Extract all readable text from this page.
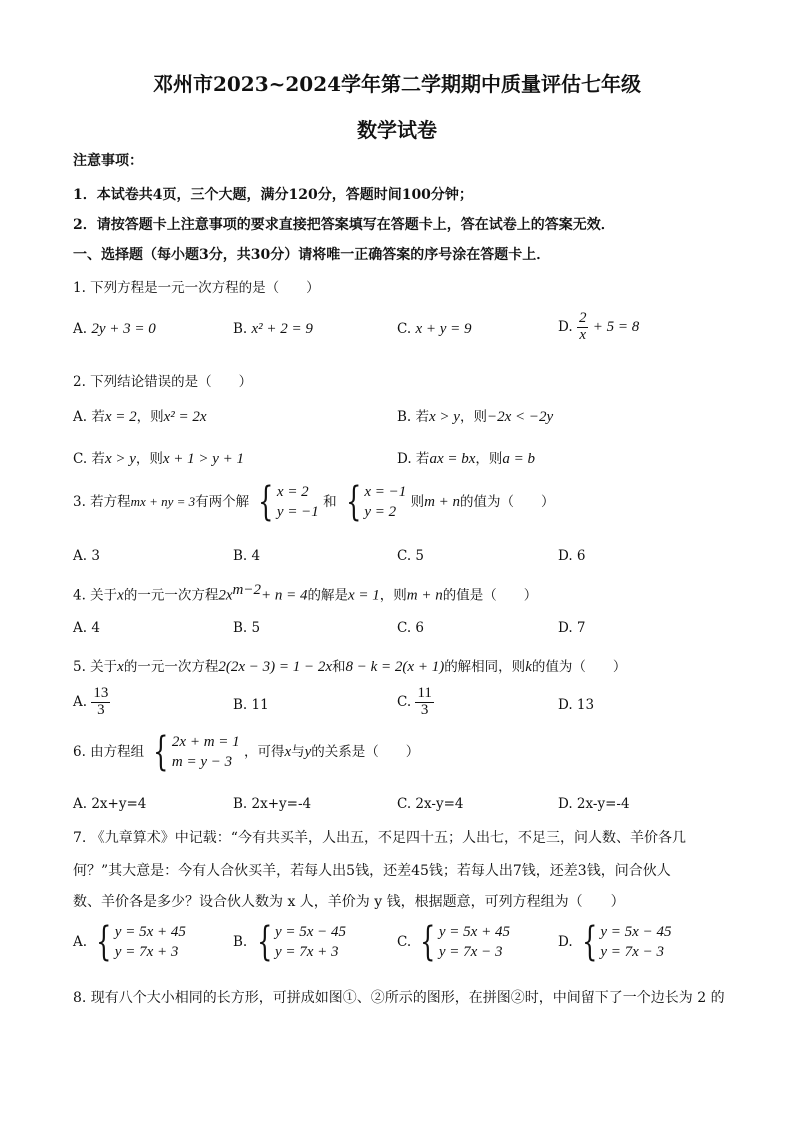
邓州市2023~2024学年第二学期期中质量评估七年级
数学试卷
注意事项：
1．本试卷共4页，三个大题，满分120分，答题时间100分钟；
2．请按答题卡上注意事项的要求直接把答案填写在答题卡上，答在试卷上的答案无效．
一、选择题（每小题3分，共30分）请将唯一正确答案的序号涂在答题卡上．
1. 下列方程是一元一次方程的是（　　）
A. 2y + 3 = 0	B. x² + 2 = 9	C. x + y = 9	D. $\frac{2}{x} + 5 = 8$
2. 下列结论错误的是（　　）
A. 若x = 2，则x² = 2x	B. 若x > y，则−2x < −2y
C. 若x > y，则x + 1 > y + 1	D. 若ax = bx，则a = b
3. 若方程mx + ny = 3有两个解 { x = 2
y = −1
和 { x = −1
y = 2
则m + n的值为（　　）
A. 3	B. 4	C. 5	D. 6
4. 关于x的一元一次方程$2x^{m-2}+ n = 4$的解是x = 1，则m + n的值是（　　）
A. 4	B. 5	C. 6	D. 7
5. 关于x的一元一次方程2(2x − 3) = 1 − 2x和8 − k = 2(x + 1)的解相同，则k的值为（　　）
A. $\frac{13}{3}$	B. 11	C. $\frac{11}{3}$	D. 13
6. 由方程组 { 2x + m = 1
m = y − 3
，可得x与y的关系是（　　）
A. 2x+y=4	B. 2x+y=-4	C. 2x-y=4	D. 2x-y=-4
7. 《九章算术》中记载：“今有共买羊，人出五，不足四十五；人出七，不足三，问人数、羊价各几
何？”其大意是：今有人合伙买羊，若每人出5钱，还差45钱；若每人出7钱，还差3钱，问合伙人
数、羊价各是多少？设合伙人数为 x 人，羊价为 y 钱，根据题意，可列方程组为（　　）
A. { y = 5x + 45
y = 7x + 3
B. { y = 5x − 45
y = 7x + 3
C. { y = 5x + 45
y = 7x − 3
D. { y = 5x − 45
y = 7x − 3
8. 现有八个大小相同的长方形，可拼成如图①、②所示的图形，在拼图②时，中间留下了一个边长为 2 的
